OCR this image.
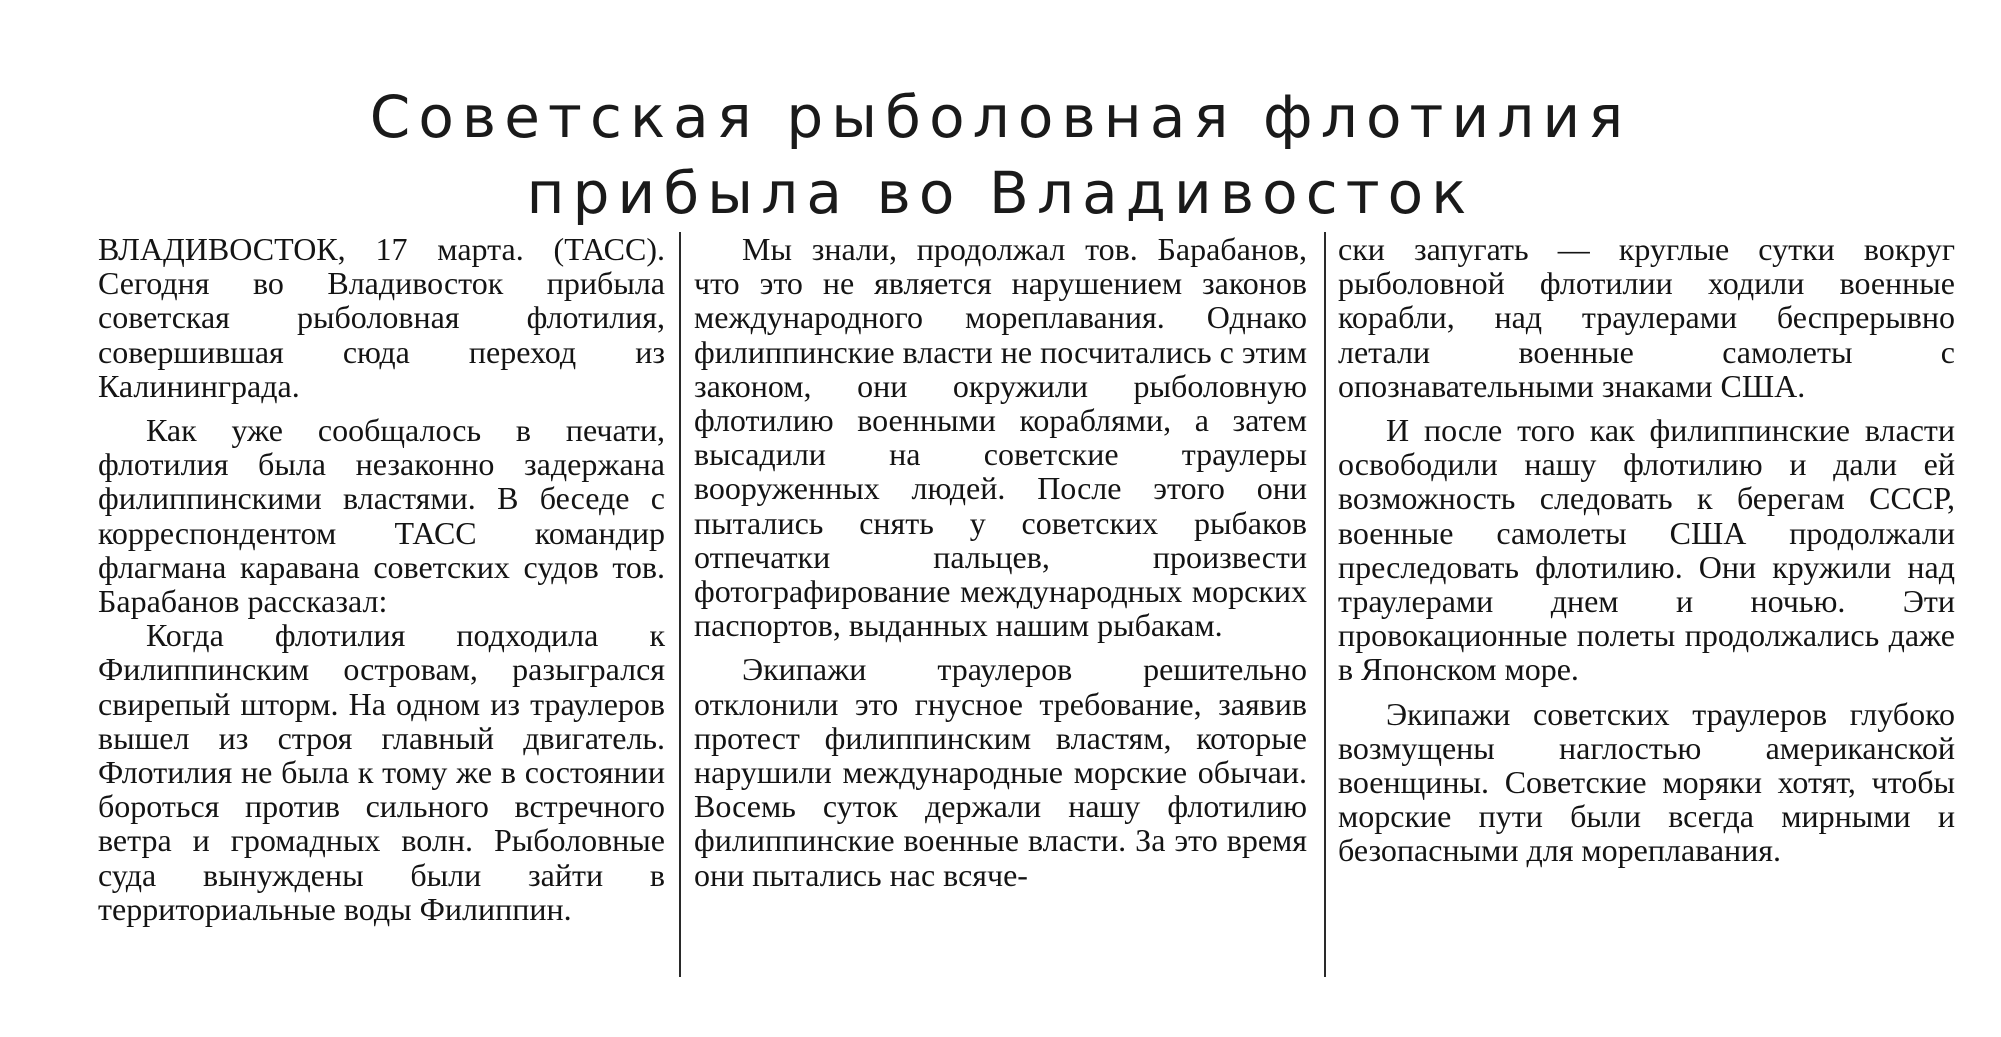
Советская рыболовная флотилия
прибыла во Владивосток

ВЛАДИВОСТОК, 17 марта. (ТАСС). Сегодня во Владивосток прибыла советская рыболовная флотилия, совершившая сюда переход из Калининграда.

Как уже сообщалось в печати, флотилия была незаконно задержана филиппинскими властями. В беседе с корреспондентом ТАСС командир флагмана каравана советских судов тов. Барабанов рассказал:

Когда флотилия подходила к Филиппинским островам, разыгрался свирепый шторм. На одном из траулеров вышел из строя главный двигатель. Флотилия не была к тому же в состоянии бороться против сильного встречного ветра и громадных волн. Рыболовные суда вынуждены были зайти в территориальные воды Филиппин.

Мы знали, продолжал тов. Барабанов, что это не является нарушением законов международного мореплавания. Однако филиппинские власти не посчитались с этим законом, они окружили рыболовную флотилию военными кораблями, а затем высадили на советские траулеры вооруженных людей. После этого они пытались снять у советских рыбаков отпечатки пальцев, произвести фотографирование международных морских паспортов, выданных нашим рыбакам.

Экипажи траулеров решительно отклонили это гнусное требование, заявив протест филиппинским властям, которые нарушили международные морские обычаи. Восемь суток держали нашу флотилию филиппинские военные власти. За это время они пытались нас всяче-

ски запугать — круглые сутки вокруг рыболовной флотилии ходили военные корабли, над траулерами беспрерывно летали военные самолеты с опознавательными знаками США.

И после того как филиппинские власти освободили нашу флотилию и дали ей возможность следовать к берегам СССР, военные самолеты США продолжали преследовать флотилию. Они кружили над траулерами днем и ночью. Эти провокационные полеты продолжались даже в Японском море.

Экипажи советских траулеров глубоко возмущены наглостью американской военщины. Советские моряки хотят, чтобы морские пути были всегда мирными и безопасными для мореплавания.
